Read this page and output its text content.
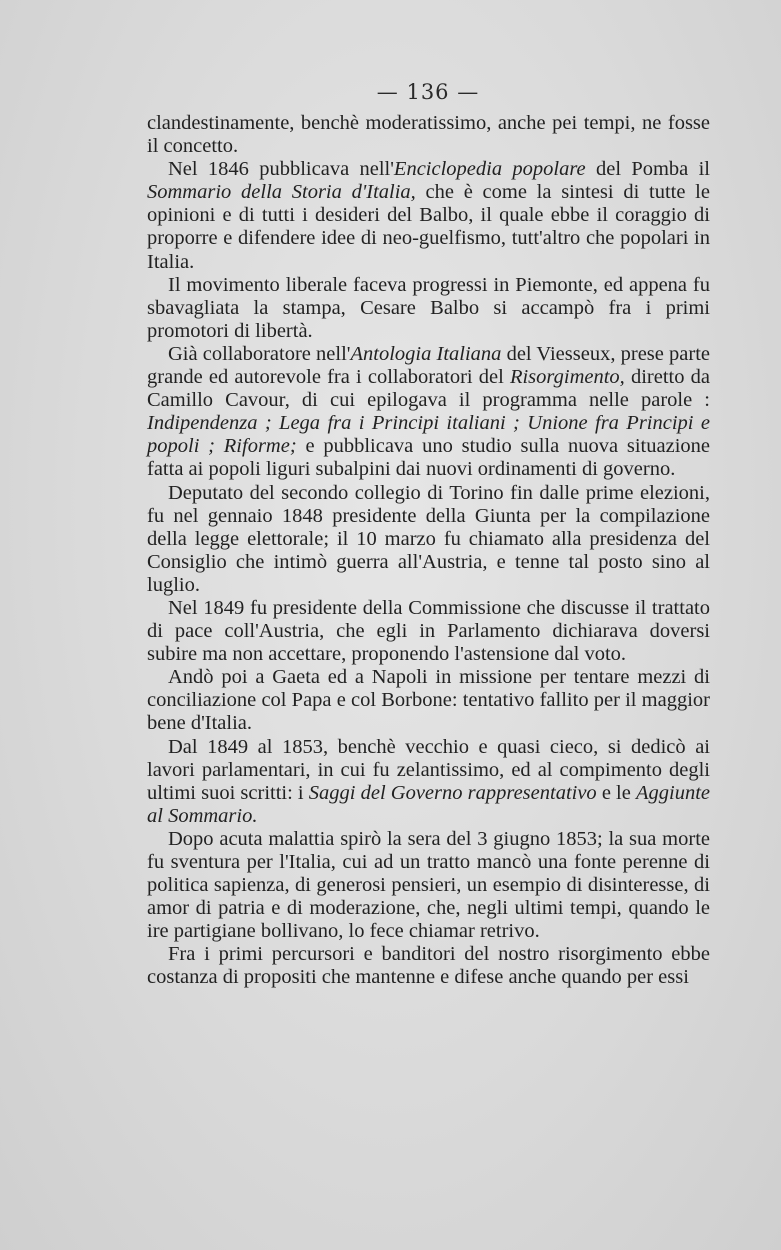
— 136 —

clandestinamente, benchè moderatissimo, anche pei tempi, ne fosse il concetto.

Nel 1846 pubblicava nell'Enciclopedia popolare del Pomba il Sommario della Storia d'Italia, che è come la sintesi di tutte le opinioni e di tutti i desideri del Balbo, il quale ebbe il coraggio di proporre e difendere idee di neo-guelfismo, tutt'altro che popolari in Italia.

Il movimento liberale faceva progressi in Piemonte, ed appena fu sbavagliata la stampa, Cesare Balbo si accampò fra i primi promotori di libertà.

Già collaboratore nell'Antologia Italiana del Viesseux, prese parte grande ed autorevole fra i collaboratori del Risorgimento, diretto da Camillo Cavour, di cui epilogava il programma nelle parole : Indipendenza ; Lega fra i Principi italiani ; Unione fra Principi e popoli ; Riforme; e pubblicava uno studio sulla nuova situazione fatta ai popoli liguri subalpini dai nuovi ordinamenti di governo.

Deputato del secondo collegio di Torino fin dalle prime elezioni, fu nel gennaio 1848 presidente della Giunta per la compilazione della legge elettorale; il 10 marzo fu chiamato alla presidenza del Consiglio che intimò guerra all'Austria, e tenne tal posto sino al luglio.

Nel 1849 fu presidente della Commissione che discusse il trattato di pace coll'Austria, che egli in Parlamento dichiarava doversi subire ma non accettare, proponendo l'astensione dal voto.

Andò poi a Gaeta ed a Napoli in missione per tentare mezzi di conciliazione col Papa e col Borbone: tentativo fallito per il maggior bene d'Italia.

Dal 1849 al 1853, benchè vecchio e quasi cieco, si dedicò ai lavori parlamentari, in cui fu zelantissimo, ed al compimento degli ultimi suoi scritti: i Saggi del Governo rappresentativo e le Aggiunte al Sommario.

Dopo acuta malattia spirò la sera del 3 giugno 1853; la sua morte fu sventura per l'Italia, cui ad un tratto mancò una fonte perenne di politica sapienza, di generosi pensieri, un esempio di disinteresse, di amor di patria e di moderazione, che, negli ultimi tempi, quando le ire partigiane bollivano, lo fece chiamar retrivo.

Fra i primi percursori e banditori del nostro risorgimento ebbe costanza di propositi che mantenne e difese anche quando per essi
